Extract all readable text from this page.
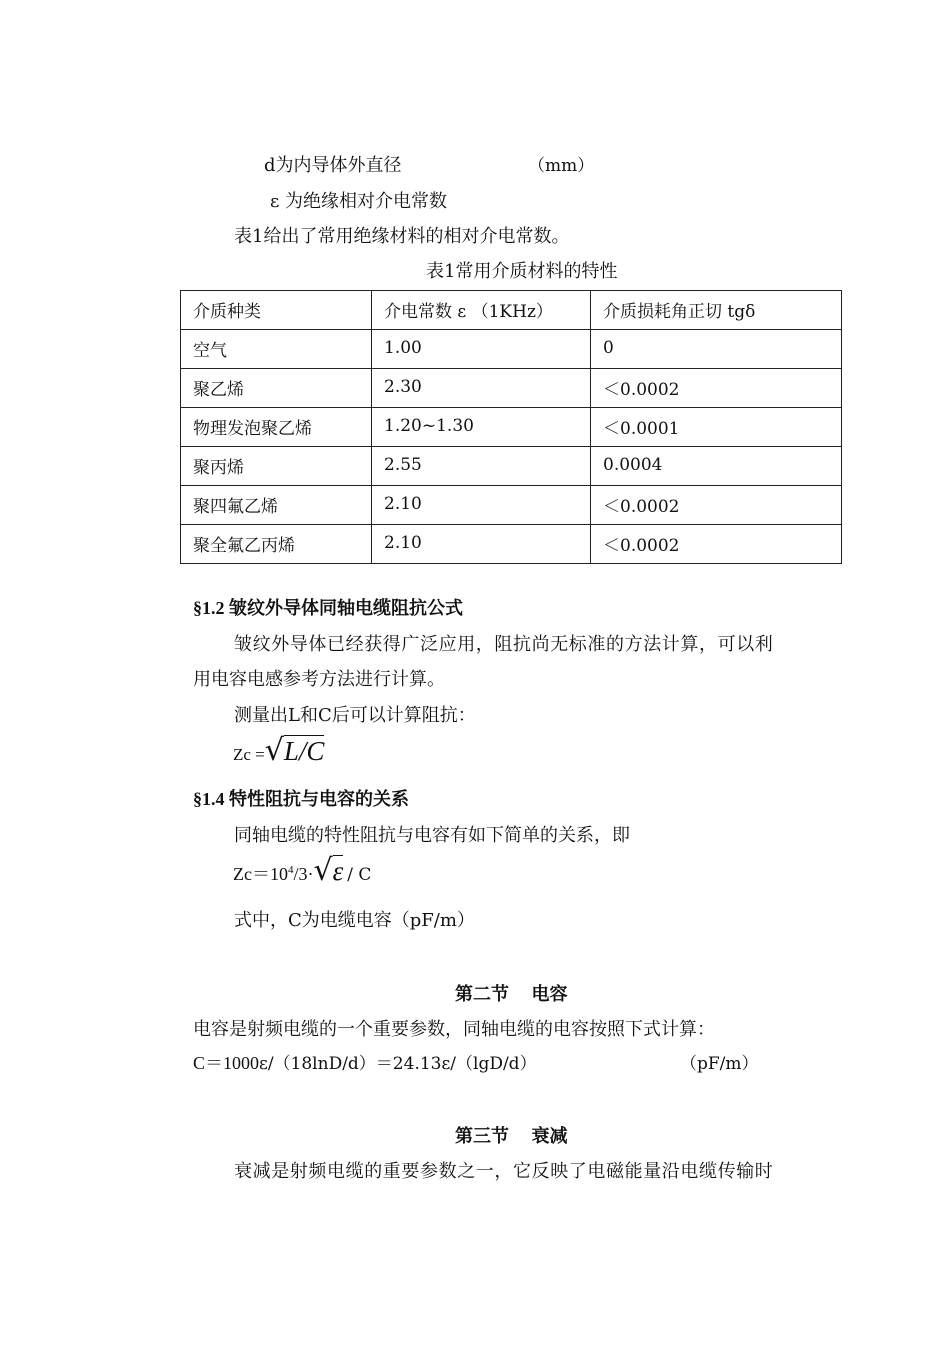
d为内导体外直径	（mm）
ε 为绝缘相对介电常数
表1给出了常用绝缘材料的相对介电常数。
表1常用介质材料的特性
介质种类	介电常数 ε （1KHz）	介质损耗角正切 tgδ
空气	1.00	0
聚乙烯	2.30	＜0.0002
物理发泡聚乙烯	1.20~1.30	＜0.0001
聚丙烯	2.55	0.0004
聚四氟乙烯	2.10	＜0.0002
聚全氟乙丙烯	2.10	＜0.0002
§1.2 皱纹外导体同轴电缆阻抗公式
皱纹外导体已经获得广泛应用，阻抗尚无标准的方法计算，可以利
用电容电感参考方法进行计算。
测量出L和C后可以计算阻抗：
Zc =√L/C
§1.4 特性阻抗与电容的关系
同轴电缆的特性阻抗与电容有如下简单的关系，即
$Zc=10^4/3\cdot√\varepsilon / C$
式中，C为电缆电容（pF/m）
第二节　 电容
电容是射频电缆的一个重要参数，同轴电缆的电容按照下式计算：
C＝1000ε/（18lnD/d）＝24.13ε/（lgD/d）	（pF/m）
第三节　 衰减
衰减是射频电缆的重要参数之一，它反映了电磁能量沿电缆传输时
